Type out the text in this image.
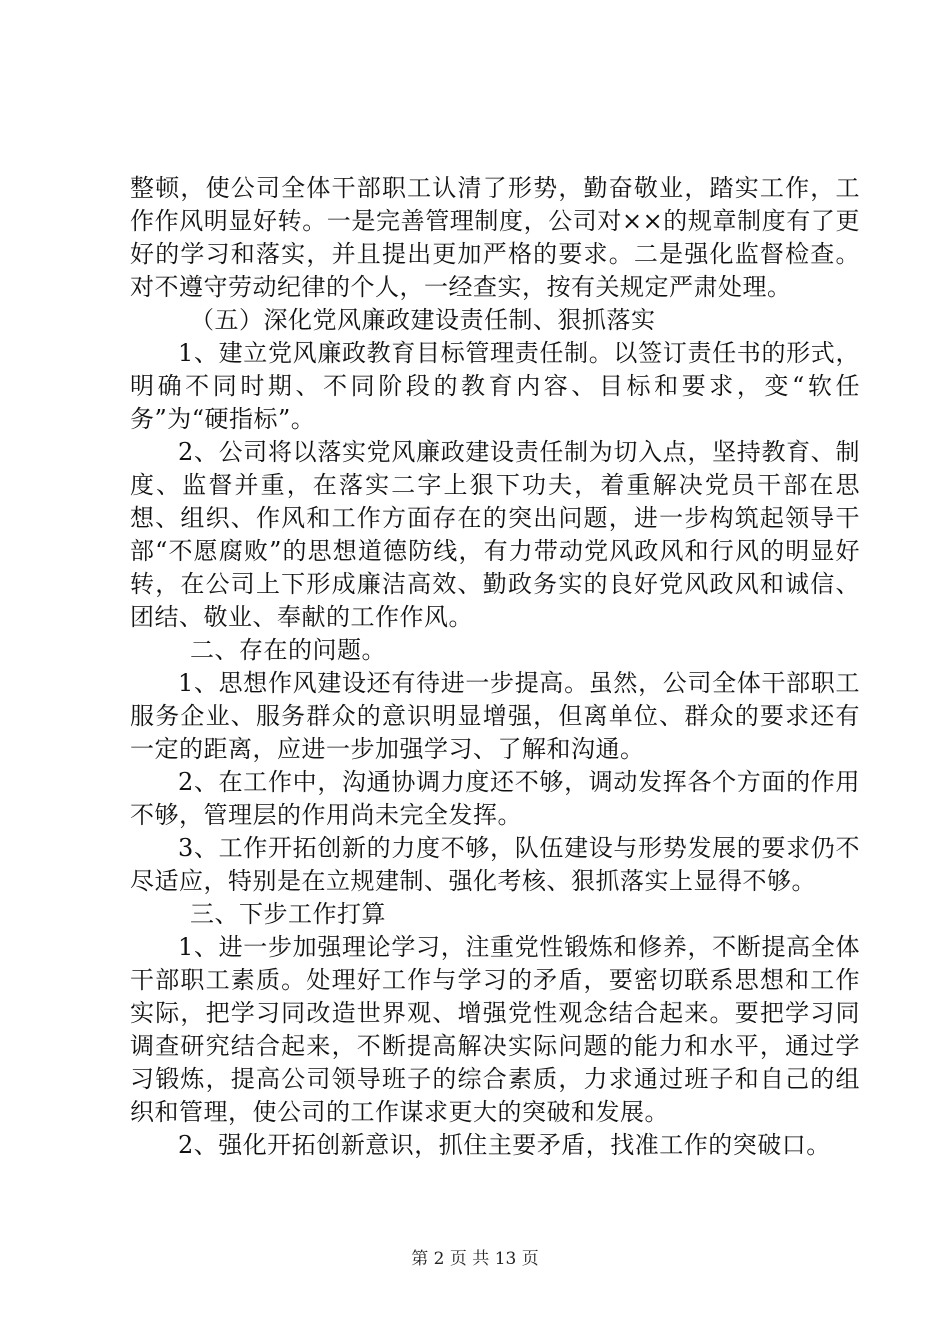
整顿，使公司全体干部职工认清了形势，勤奋敬业，踏实工作，工作作风明显好转。一是完善管理制度，公司对××的规章制度有了更好的学习和落实，并且提出更加严格的要求。二是强化监督检查。对不遵守劳动纪律的个人，一经查实，按有关规定严肃处理。

（五）深化党风廉政建设责任制、狠抓落实

1、建立党风廉政教育目标管理责任制。以签订责任书的形式，明确不同时期、不同阶段的教育内容、目标和要求，变“软任务”为“硬指标”。

2、公司将以落实党风廉政建设责任制为切入点，坚持教育、制度、监督并重，在落实二字上狠下功夫，着重解决党员干部在思想、组织、作风和工作方面存在的突出问题，进一步构筑起领导干部“不愿腐败”的思想道德防线，有力带动党风政风和行风的明显好转，在公司上下形成廉洁高效、勤政务实的良好党风政风和诚信、团结、敬业、奉献的工作作风。

二、存在的问题。

1、思想作风建设还有待进一步提高。虽然，公司全体干部职工服务企业、服务群众的意识明显增强，但离单位、群众的要求还有一定的距离，应进一步加强学习、了解和沟通。

2、在工作中，沟通协调力度还不够，调动发挥各个方面的作用不够，管理层的作用尚未完全发挥。

3、工作开拓创新的力度不够，队伍建设与形势发展的要求仍不尽适应，特别是在立规建制、强化考核、狠抓落实上显得不够。

三、下步工作打算

1、进一步加强理论学习，注重党性锻炼和修养，不断提高全体干部职工素质。处理好工作与学习的矛盾，要密切联系思想和工作实际，把学习同改造世界观、增强党性观念结合起来。要把学习同调查研究结合起来，不断提高解决实际问题的能力和水平，通过学习锻炼，提高公司领导班子的综合素质，力求通过班子和自己的组织和管理，使公司的工作谋求更大的突破和发展。

2、强化开拓创新意识，抓住主要矛盾，找准工作的突破口。

第 2 页 共 13 页
